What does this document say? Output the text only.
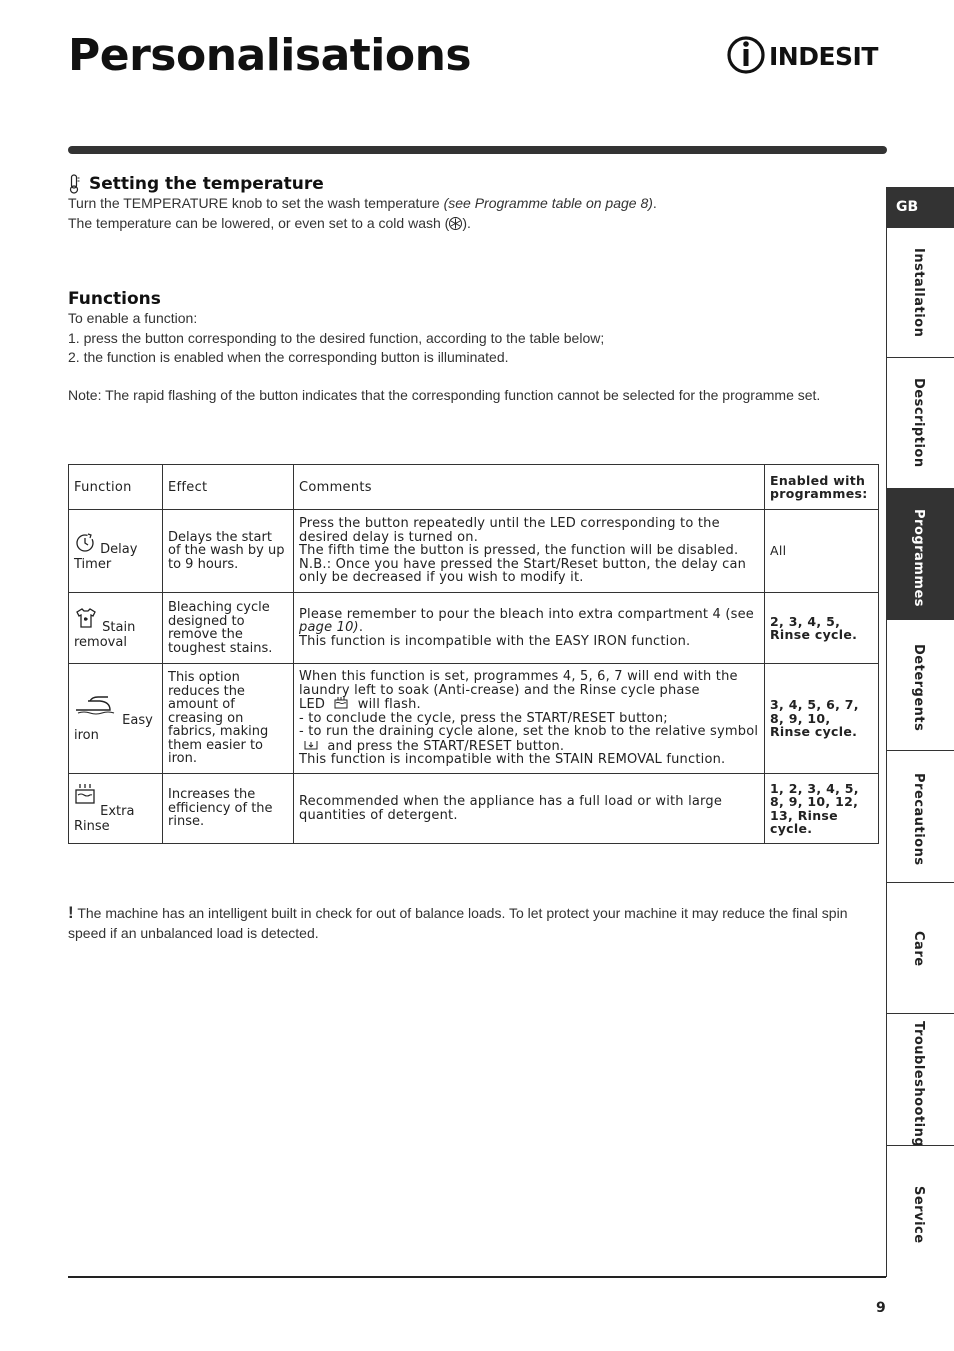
Personalisations	INDESIT
Setting the temperature

Turn the TEMPERATURE knob to set the wash temperature (see Programme table on page 8).
The temperature can be lowered, or even set to a cold wash ( ).

Functions

To enable a function:
1. press the button corresponding to the desired function, according to the table below;
2. the function is enabled when the corresponding button is illuminated.

Note: The rapid flashing of the button indicates that the corresponding function cannot be selected for the programme set.

Function	Effect	Comments	Enabled with programmes:
Delay Timer	Delays the start of the wash by up to 9 hours.	Press the button repeatedly until the LED corresponding to the desired delay is turned on.
The fifth time the button is pressed, the function will be disabled.
N.B.: Once you have pressed the Start/Reset button, the delay can only be decreased if you wish to modify it.	All
Stain removal	Bleaching cycle designed to remove the toughest stains.	Please remember to pour the bleach into extra compartment 4 (see page 10).
This function is incompatible with the EASY IRON function.	2, 3, 4, 5, Rinse cycle.
Easy iron	This option reduces the amount of creasing on fabrics, making them easier to iron.	When this function is set, programmes 4, 5, 6, 7 will end with the laundry left to soak (Anti-crease) and the Rinse cycle phase
LED will flash.
- to conclude the cycle, press the START/RESET button;
- to run the draining cycle alone, set the knob to the relative symbol  and press the START/RESET button.
This function is incompatible with the STAIN REMOVAL function.	3, 4, 5, 6, 7, 8, 9, 10, Rinse cycle.
Extra Rinse	Increases the efficiency of the rinse.	Recommended when the appliance has a full load or with large quantities of detergent.	1, 2, 3, 4, 5, 8, 9, 10, 12, 13, Rinse cycle.

! The machine has an intelligent built in check for out of balance loads. To let protect your machine it may reduce the final spin speed if an unbalanced load is detected.

GB
Installation
Description
Programmes
Detergents
Precautions
Care
Troubleshooting
Service
9
